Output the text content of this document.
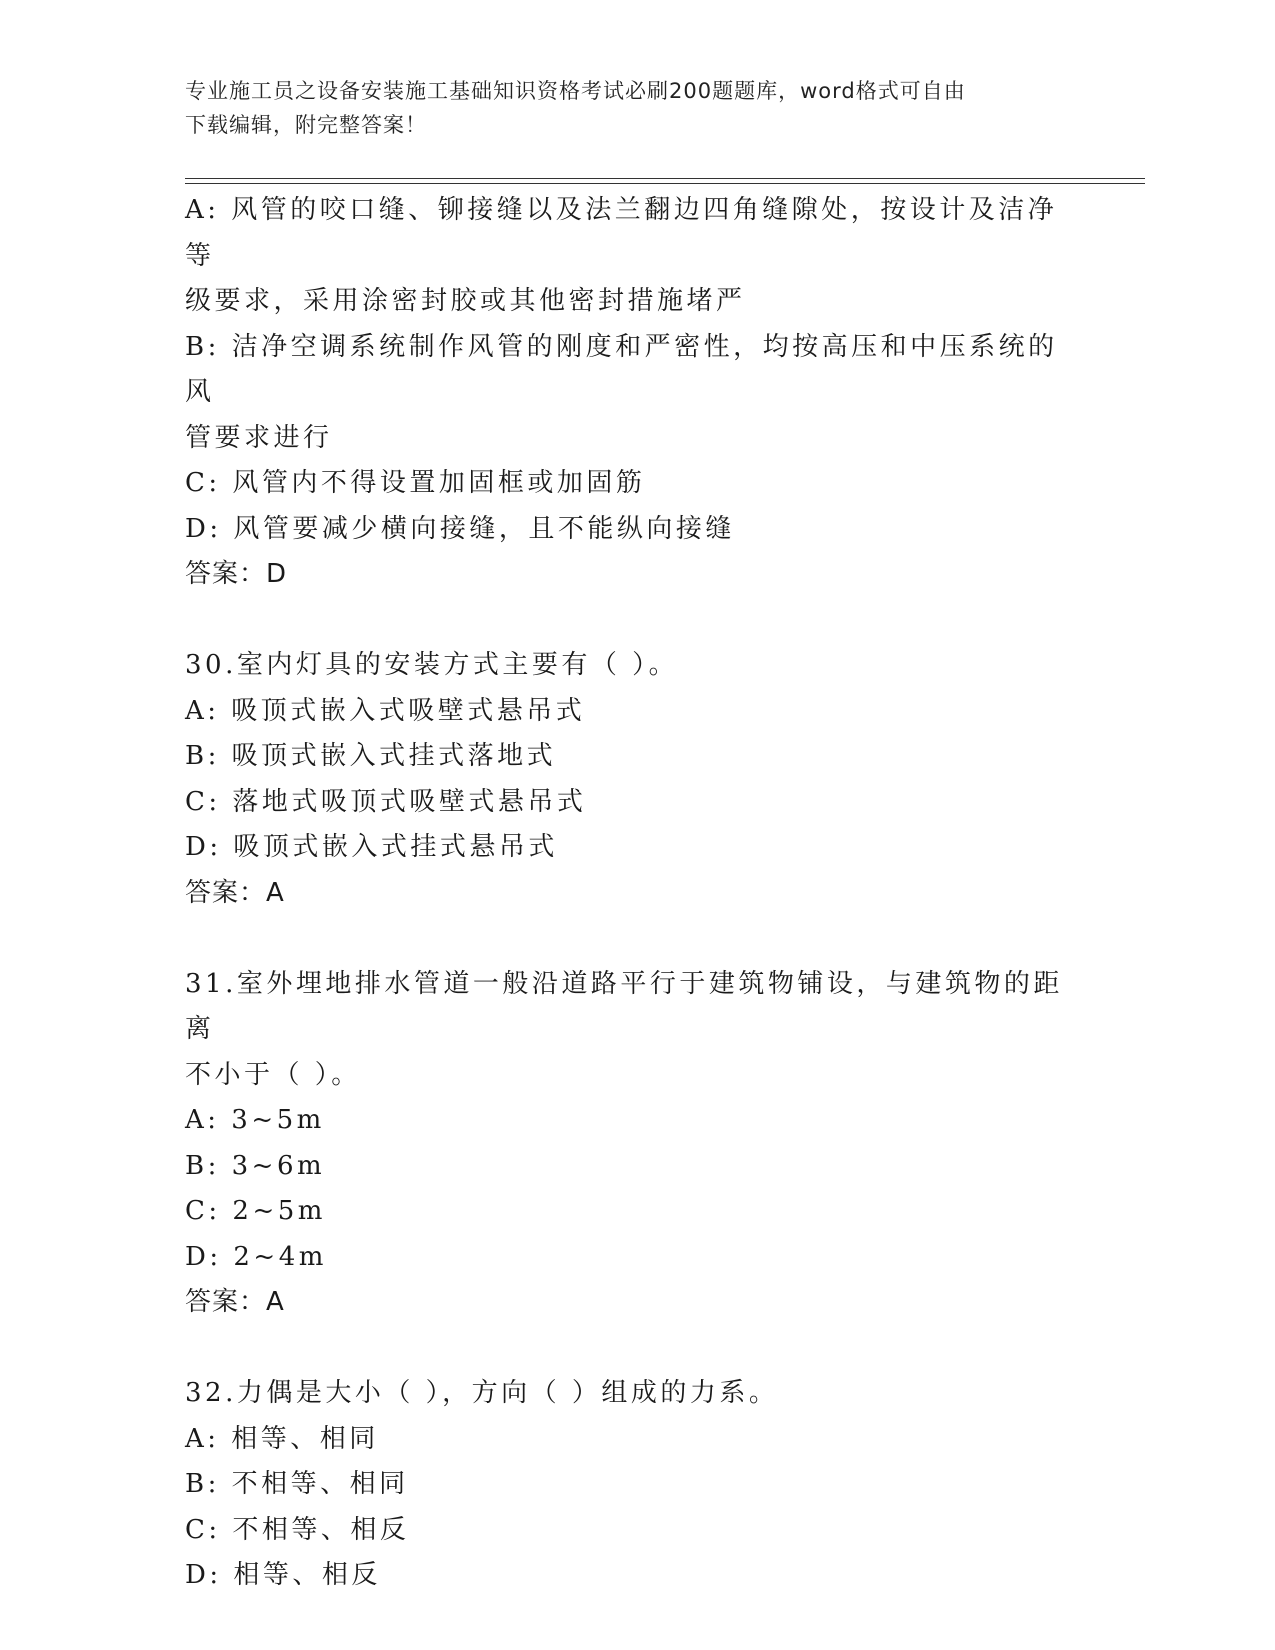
专业施工员之设备安装施工基础知识资格考试必刷200题题库，word格式可自由
下载编辑，附完整答案！
A: 风管的咬口缝、铆接缝以及法兰翻边四角缝隙处，按设计及洁净等
级要求，采用涂密封胶或其他密封措施堵严
B: 洁净空调系统制作风管的刚度和严密性，均按高压和中压系统的风
管要求进行
C: 风管内不得设置加固框或加固筋
D: 风管要减少横向接缝，且不能纵向接缝
答案：D
30.室内灯具的安装方式主要有（ ）。
A: 吸顶式嵌入式吸壁式悬吊式
B: 吸顶式嵌入式挂式落地式
C: 落地式吸顶式吸壁式悬吊式
D: 吸顶式嵌入式挂式悬吊式
答案：A
31.室外埋地排水管道一般沿道路平行于建筑物铺设，与建筑物的距离
不小于（ ）。
A: 3~5m
B: 3~6m
C: 2~5m
D: 2~4m
答案：A
32.力偶是大小（ ），方向（ ）组成的力系。
A: 相等、相同
B: 不相等、相同
C: 不相等、相反
D: 相等、相反
